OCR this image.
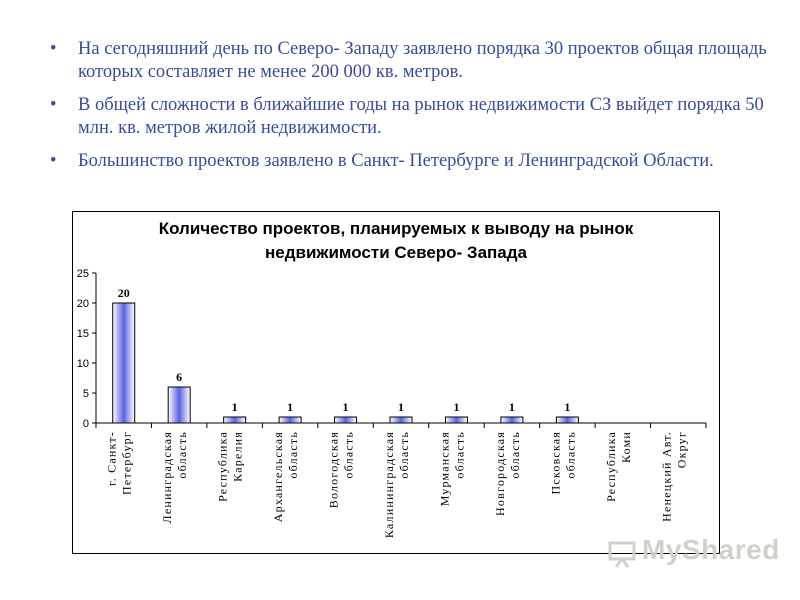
• На сегодняшний день по Северо- Западу заявлено порядка 30 проектов общая площадь которых составляет не менее 200 000 кв. метров.
• В общей сложности в ближайшие годы на рынок недвижимости СЗ выйдет порядка 50 млн. кв. метров жилой недвижимости.
• Большинство проектов заявлено в Санкт- Петербурге и Ленинградской Области.
Количество проектов, планируемых к выводу на рынок
недвижимости Северо- Запада
0
5
10
15
20
25
20
г. Санкт- Петербург
6
Ленинградская область
1
Республика Карелия
1
Архангельская область
1
Вологодская область
1
Калининградская область
1
Мурманская область
1
Новгородская область
1
Псковская область Республика Коми Ненецкий Авт. Округ
MyShared
